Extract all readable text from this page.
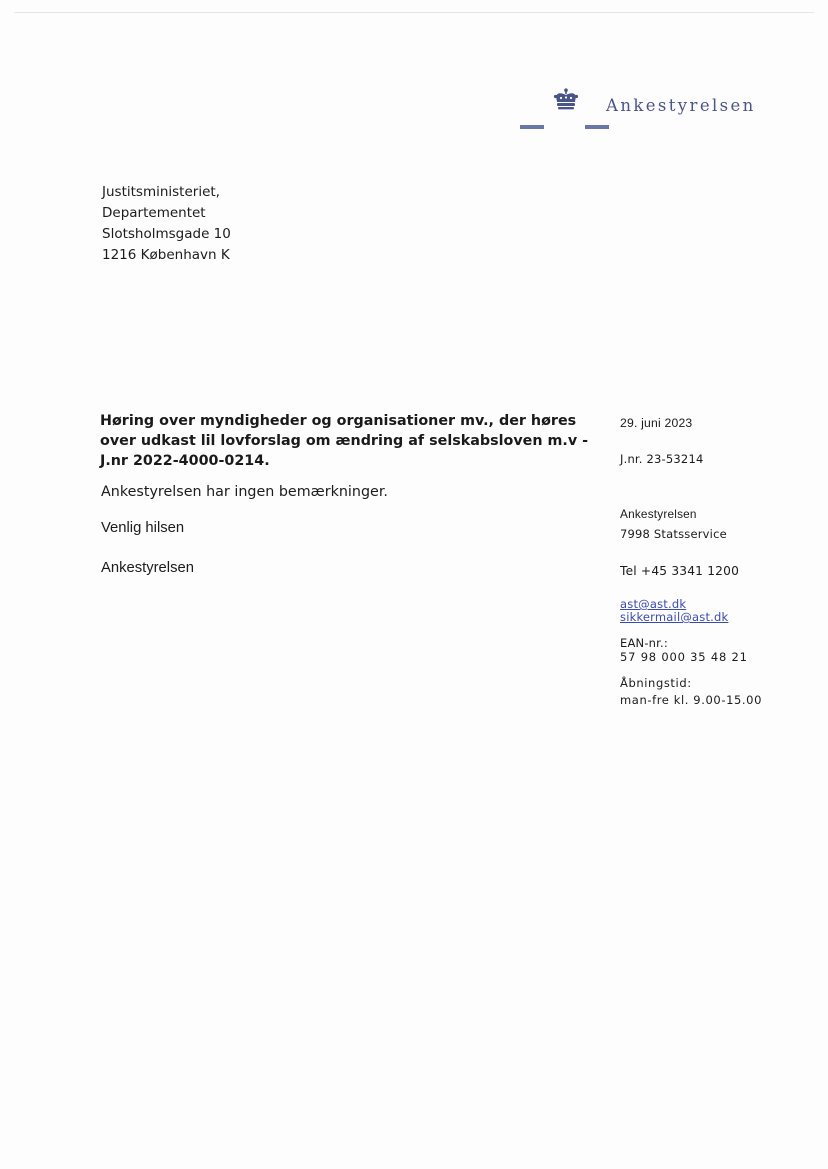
Ankestyrelsen
Justitsministeriet,
Departementet
Slotsholmsgade 10
1216 København K
Høring over myndigheder og organisationer mv., der høres over udkast lil lovforslag om ændring af selskabsloven m.v - J.nr 2022-4000-0214.
Ankestyrelsen har ingen bemærkninger.
Venlig hilsen
Ankestyrelsen
29. juni 2023
J.nr. 23-53214
Ankestyrelsen
7998 Statsservice
Tel +45 3341 1200
ast@ast.dk
sikkermail@ast.dk
EAN-nr.:
57 98 000 35 48 21
Åbningstid:
man-fre kl. 9.00-15.00
